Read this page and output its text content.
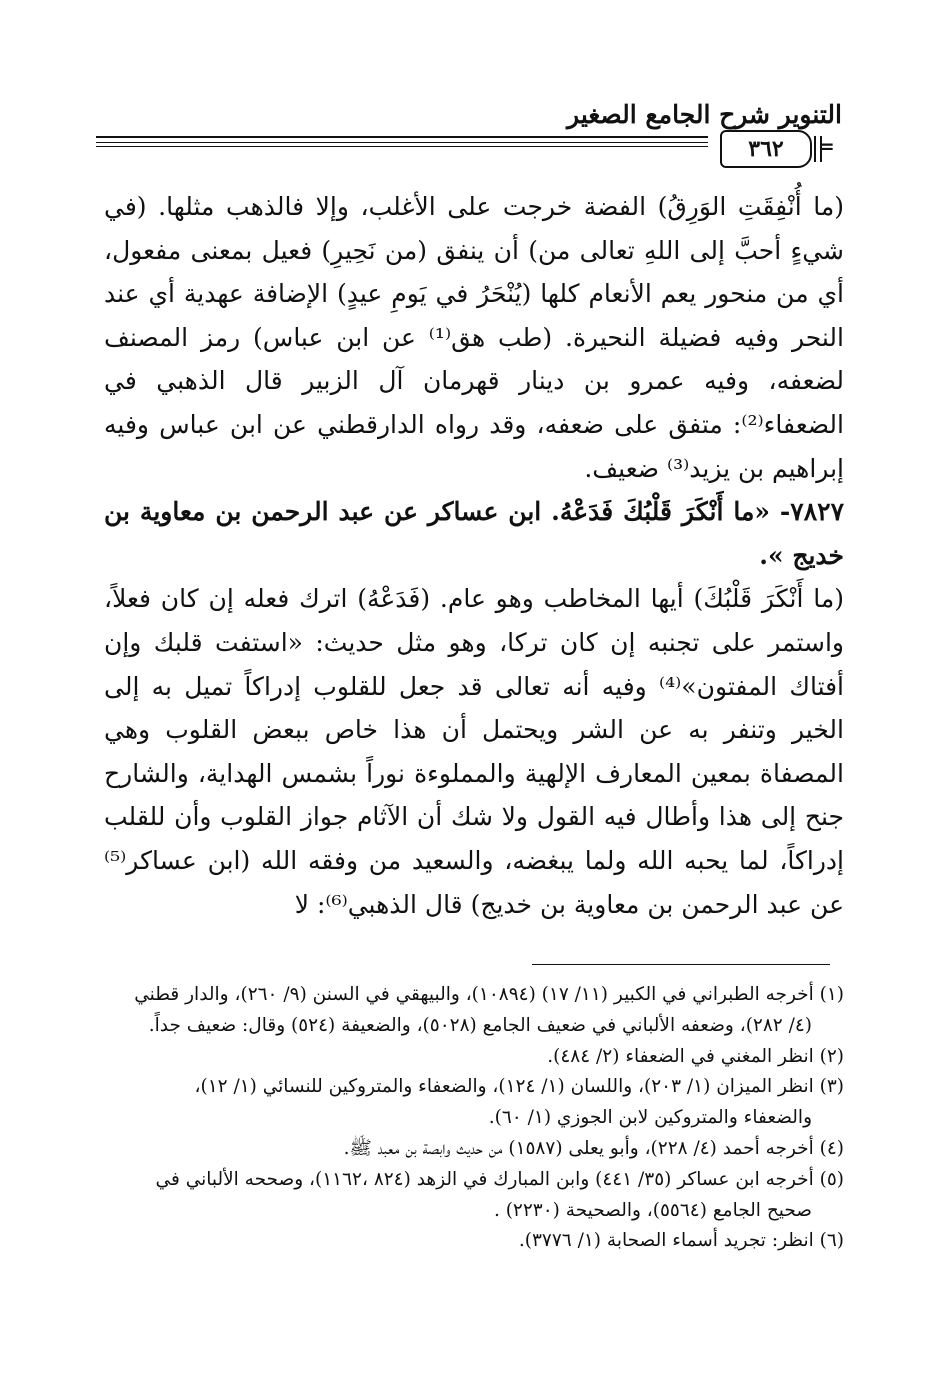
التنوير شرح الجامع الصغير
٣٦٢ =

(ما أُنْفِقَتِ الوَرِقُ) الفضة خرجت على الأغلب، وإلا فالذهب مثلها. (في شيءٍ أحبَّ إلى اللهِ تعالى من) أن ينفق (من نَحِيرِ) فعيل بمعنى مفعول، أي من منحور يعم الأنعام كلها (يُنْحَرُ في يَومِ عيدٍ) الإضافة عهدية أي عند النحر وفيه فضيلة النحيرة. (طب هق⁽¹⁾ عن ابن عباس) رمز المصنف لضعفه، وفيه عمرو بن دينار قهرمان آل الزبير قال الذهبي في الضعفاء⁽²⁾: متفق على ضعفه، وقد رواه الدارقطني عن ابن عباس وفيه إبراهيم بن يزيد⁽³⁾ ضعيف.

٧٨٢٧- «ما أَنْكَرَ قَلْبُكَ فَدَعْهُ. ابن عساكر عن عبد الرحمن بن معاوية بن خديج ».

(ما أَنْكَرَ قَلْبُكَ) أيها المخاطب وهو عام. (فَدَعْهُ) اترك فعله إن كان فعلاً، واستمر على تجنبه إن كان تركا، وهو مثل حديث: «استفت قلبك وإن أفتاك المفتون»⁽⁴⁾ وفيه أنه تعالى قد جعل للقلوب إدراكاً تميل به إلى الخير وتنفر به عن الشر ويحتمل أن هذا خاص ببعض القلوب وهي المصفاة بمعين المعارف الإلهية والمملوءة نوراً بشمس الهداية، والشارح جنح إلى هذا وأطال فيه القول ولا شك أن الآثام جواز القلوب وأن للقلب إدراكاً، لما يحبه الله ولما يبغضه، والسعيد من وفقه الله (ابن عساكر⁽⁵⁾ عن عبد الرحمن بن معاوية بن خديج) قال الذهبي⁽⁶⁾: لا

(١) أخرجه الطبراني في الكبير (١١/ ١٧) (١٠٨٩٤)، والبيهقي في السنن (٩/ ٢٦٠)، والدار قطني

(٤/ ٢٨٢)، وضعفه الألباني في ضعيف الجامع (٥٠٢٨)، والضعيفة (٥٢٤) وقال: ضعيف جداً.

(٢) انظر المغني في الضعفاء (٢/ ٤٨٤).

(٣) انظر الميزان (١/ ٢٠٣)، واللسان (١/ ١٢٤)، والضعفاء والمتروكين للنسائي (١/ ١٢)،

والضعفاء والمتروكين لابن الجوزي (١/ ٦٠).

(٤) أخرجه أحمد (٤/ ٢٢٨)، وأبو يعلى (١٥٨٧) من حديث وابصة بن معبد ﷺ.

(٥) أخرجه ابن عساكر (٣٥/ ٤٤١) وابن المبارك في الزهد (٨٢٤ ،١١٦٢)، وصححه الألباني في

صحيح الجامع (٥٥٦٤)، والصحيحة (٢٢٣٠) .

(٦) انظر: تجريد أسماء الصحابة (١/ ٣٧٧٦).
